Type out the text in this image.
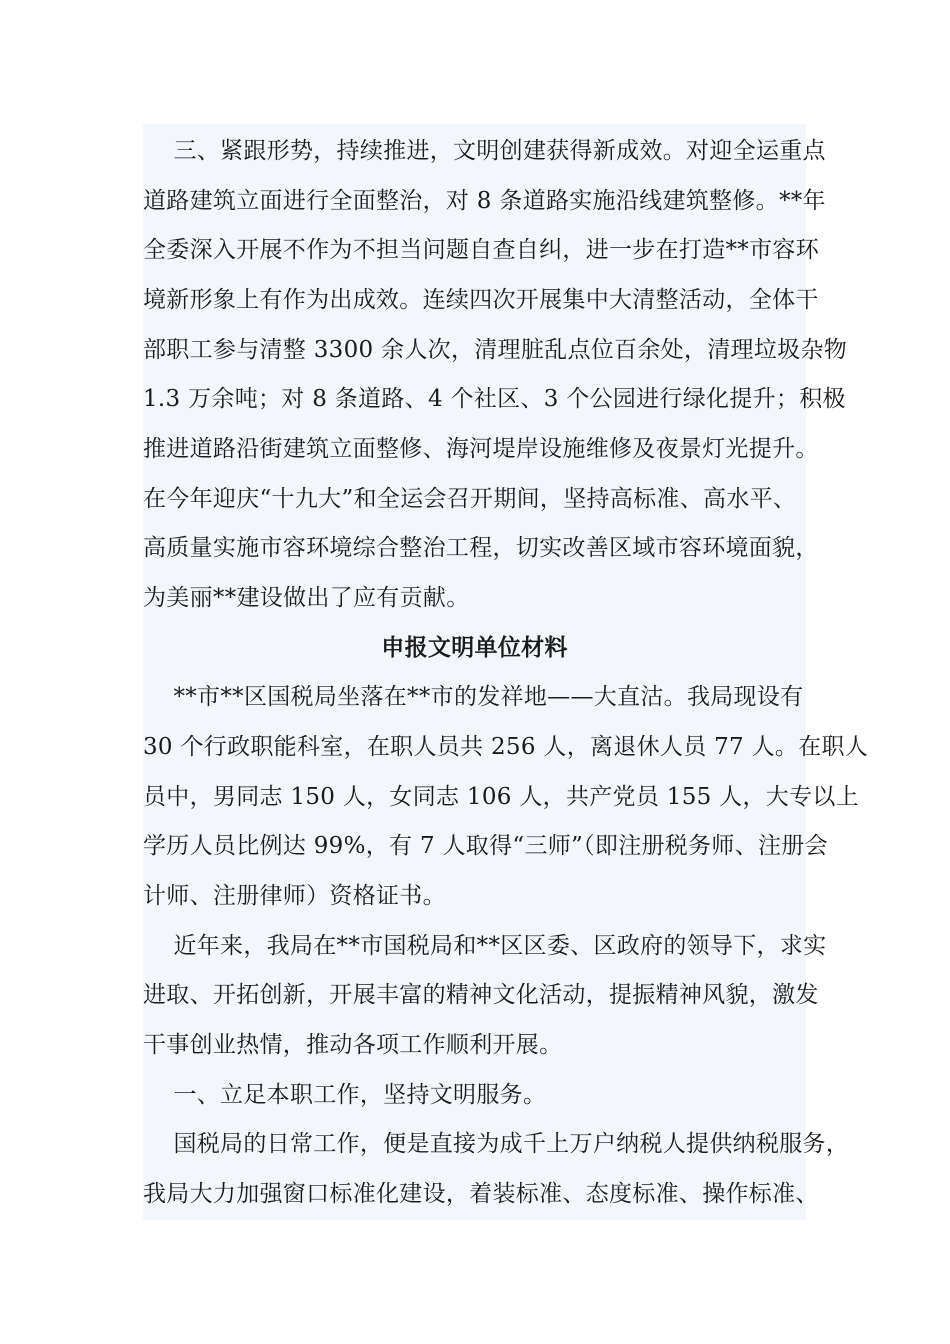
三、紧跟形势，持续推进，文明创建获得新成效。对迎全运重点
道路建筑立面进行全面整治，对 8 条道路实施沿线建筑整修。**年
全委深入开展不作为不担当问题自查自纠，进一步在打造**市容环
境新形象上有作为出成效。连续四次开展集中大清整活动，全体干
部职工参与清整 3300 余人次，清理脏乱点位百余处，清理垃圾杂物
1.3 万余吨；对 8 条道路、4 个社区、3 个公园进行绿化提升；积极
推进道路沿街建筑立面整修、海河堤岸设施维修及夜景灯光提升。
在今年迎庆“十九大”和全运会召开期间，坚持高标准、高水平、
高质量实施市容环境综合整治工程，切实改善区域市容环境面貌，
为美丽**建设做出了应有贡献。
申报文明单位材料
**市**区国税局坐落在**市的发祥地——大直沽。我局现设有
30 个行政职能科室，在职人员共 256 人，离退休人员 77 人。在职人
员中，男同志 150 人，女同志 106 人，共产党员 155 人，大专以上
学历人员比例达 99%，有 7 人取得“三师”（即注册税务师、注册会
计师、注册律师）资格证书。
近年来，我局在**市国税局和**区区委、区政府的领导下，求实
进取、开拓创新，开展丰富的精神文化活动，提振精神风貌，激发
干事创业热情，推动各项工作顺利开展。
一、立足本职工作，坚持文明服务。
国税局的日常工作，便是直接为成千上万户纳税人提供纳税服务，
我局大力加强窗口标准化建设，着装标准、态度标准、操作标准、
